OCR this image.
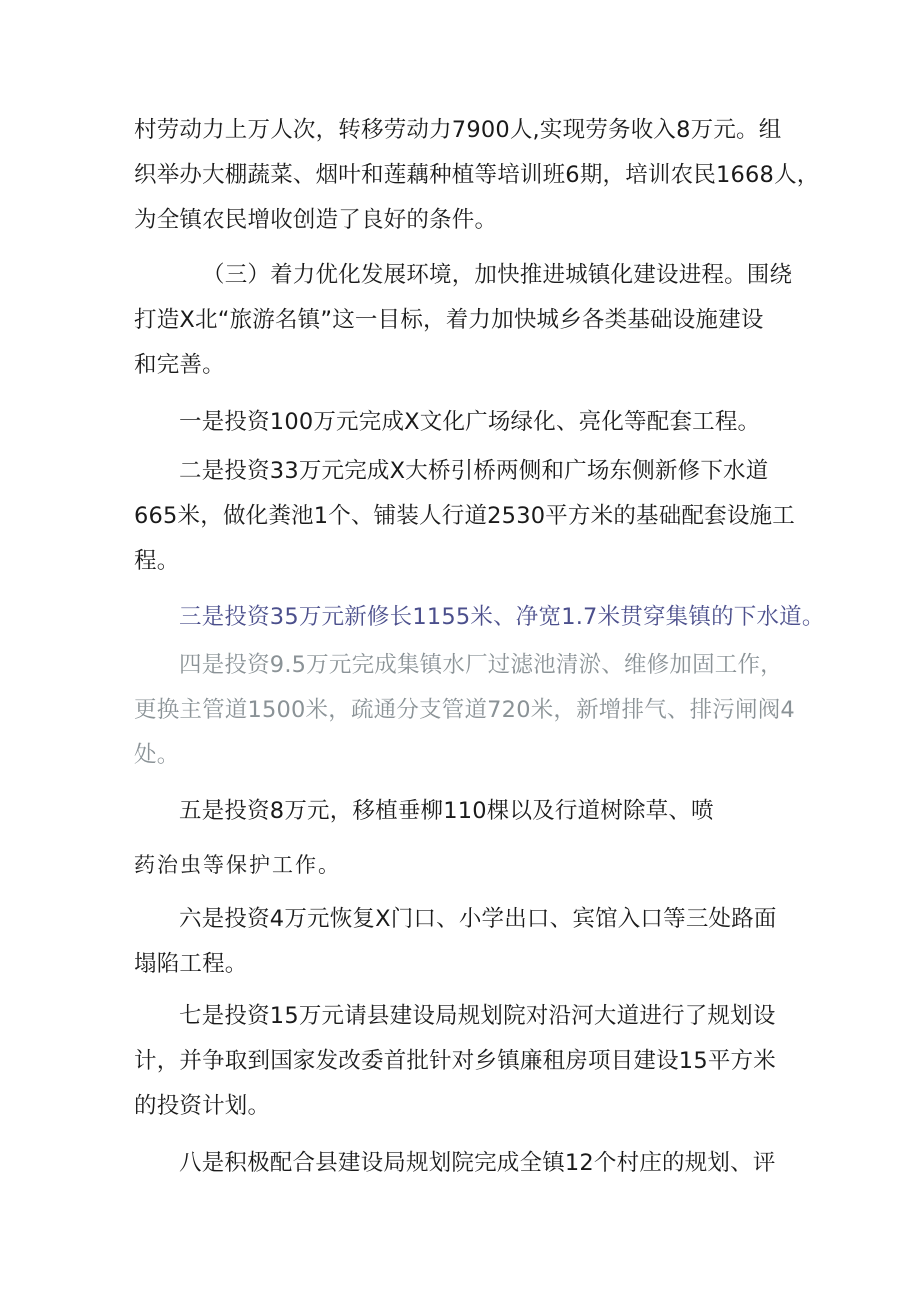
村劳动力上万人次，转移劳动力7900人,实现劳务收入8万元。组
织举办大棚蔬菜、烟叶和莲藕种植等培训班6期，培训农民1668人，
为全镇农民增收创造了良好的条件。
（三）着力优化发展环境，加快推进城镇化建设进程。围绕
打造X北“旅游名镇”这一目标，着力加快城乡各类基础设施建设
和完善。
一是投资100万元完成X文化广场绿化、亮化等配套工程。
二是投资33万元完成X大桥引桥两侧和广场东侧新修下水道
665米，做化粪池1个、铺装人行道2530平方米的基础配套设施工
程。
三是投资35万元新修长1155米、净宽1.7米贯穿集镇的下水道。
四是投资9.5万元完成集镇水厂过滤池清淤、维修加固工作，
更换主管道1500米，疏通分支管道720米，新增排气、排污闸阀4
处。
五是投资8万元，移植垂柳110棵以及行道树除草、喷
药治虫等保护工作。
六是投资4万元恢复X门口、小学出口、宾馆入口等三处路面
塌陷工程。
七是投资15万元请县建设局规划院对沿河大道进行了规划设
计，并争取到国家发改委首批针对乡镇廉租房项目建设15平方米
的投资计划。
八是积极配合县建设局规划院完成全镇12个村庄的规划、评
